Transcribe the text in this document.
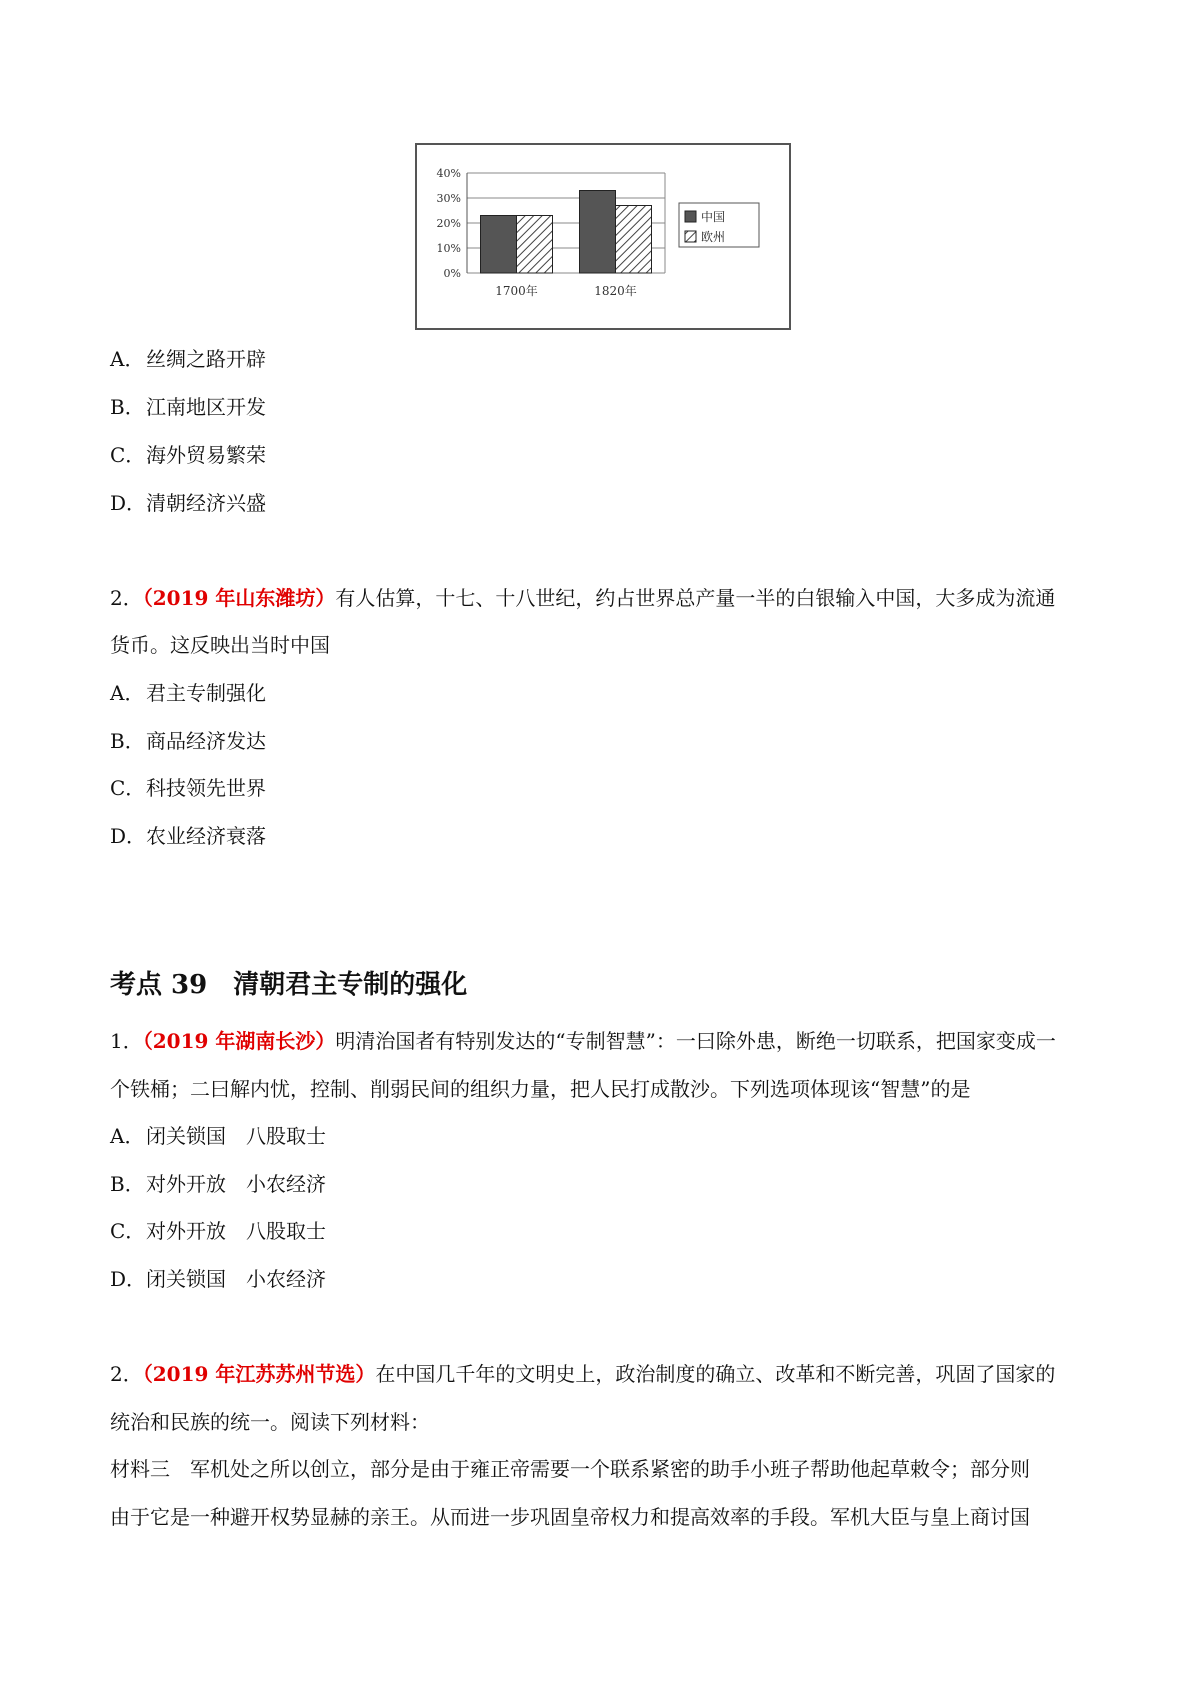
40%
30%
20%
10%
0%
1700年	1820年
中国
欧州
A．丝绸之路开辟
B．江南地区开发
C．海外贸易繁荣
D．清朝经济兴盛
2．（2019 年山东潍坊）有人估算，十七、十八世纪，约占世界总产量一半的白银输入中国，大多成为流通
货币。这反映出当时中国
A．君主专制强化
B．商品经济发达
C．科技领先世界
D．农业经济衰落
考点 39　清朝君主专制的强化
1．（2019 年湖南长沙）明清治国者有特别发达的“专制智慧”：一曰除外患，断绝一切联系，把国家变成一
个铁桶；二曰解内忧，控制、削弱民间的组织力量，把人民打成散沙。下列选项体现该“智慧”的是
A．闭关锁国　八股取士
B．对外开放　小农经济
C．对外开放　八股取士
D．闭关锁国　小农经济
2．（2019 年江苏苏州节选）在中国几千年的文明史上，政治制度的确立、改革和不断完善，巩固了国家的
统治和民族的统一。阅读下列材料：
材料三　军机处之所以创立，部分是由于雍正帝需要一个联系紧密的助手小班子帮助他起草敕令；部分则
由于它是一种避开权势显赫的亲王。从而进一步巩固皇帝权力和提高效率的手段。军机大臣与皇上商讨国
